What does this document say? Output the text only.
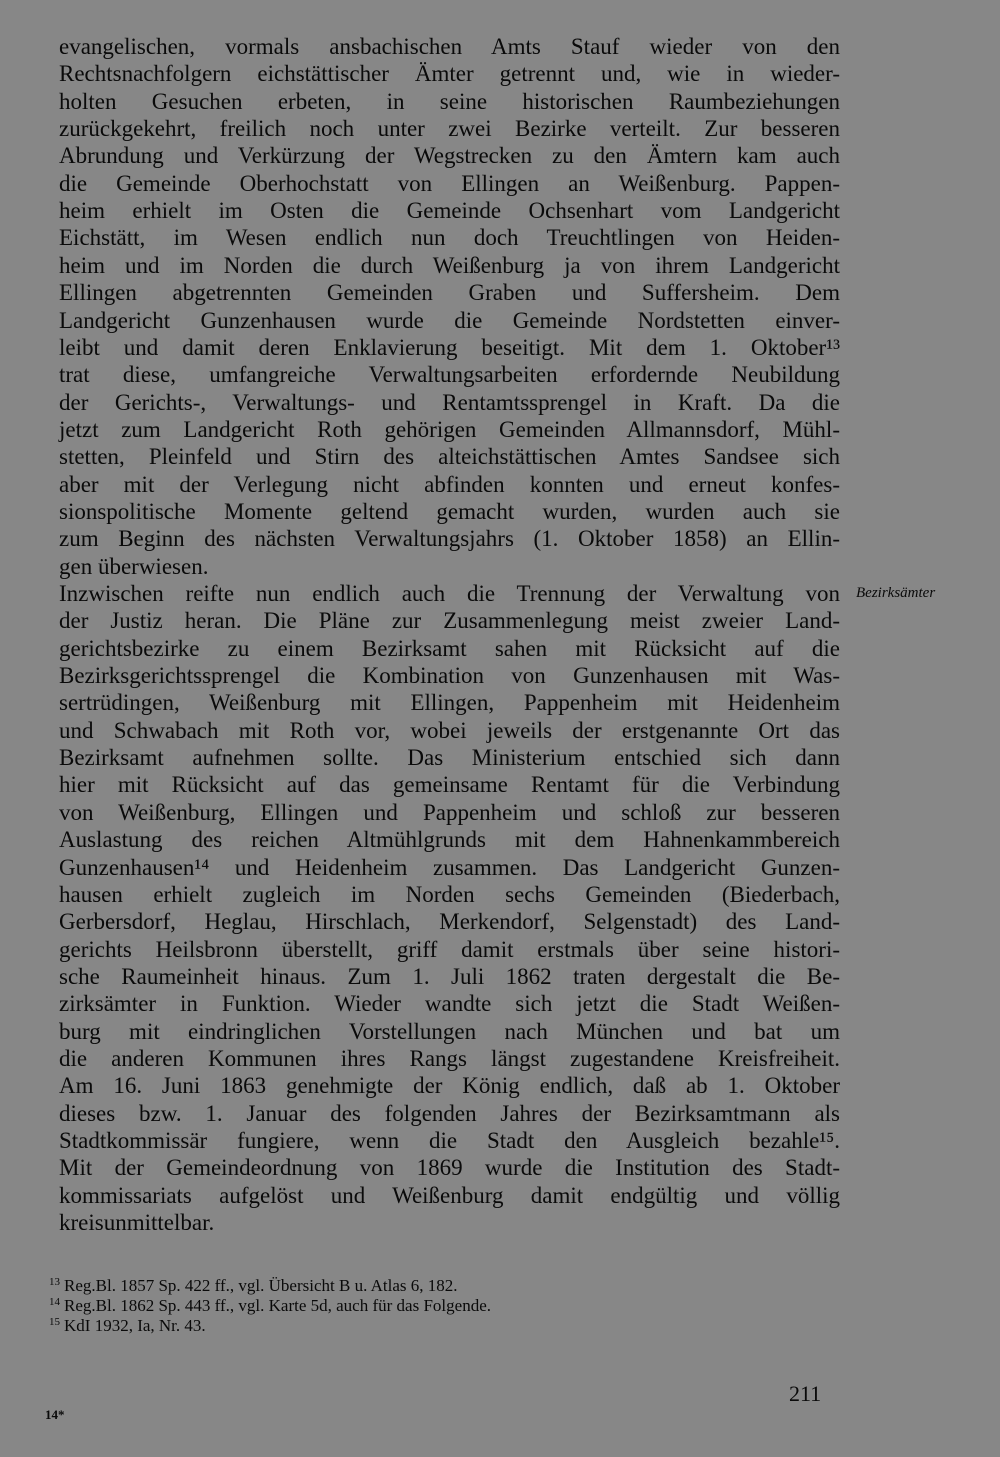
evangelischen, vormals ansbachischen Amts Stauf wieder von den
Rechtsnachfolgern eichstättischer Ämter getrennt und, wie in wieder-
holten Gesuchen erbeten, in seine historischen Raumbeziehungen
zurückgekehrt, freilich noch unter zwei Bezirke verteilt. Zur besseren
Abrundung und Verkürzung der Wegstrecken zu den Ämtern kam auch
die Gemeinde Oberhochstatt von Ellingen an Weißenburg. Pappen-
heim erhielt im Osten die Gemeinde Ochsenhart vom Landgericht
Eichstätt, im Wesen endlich nun doch Treuchtlingen von Heiden-
heim und im Norden die durch Weißenburg ja von ihrem Landgericht
Ellingen abgetrennten Gemeinden Graben und Suffersheim. Dem
Landgericht Gunzenhausen wurde die Gemeinde Nordstetten einver-
leibt und damit deren Enklavierung beseitigt. Mit dem 1. Oktober¹³
trat diese, umfangreiche Verwaltungsarbeiten erfordernde Neubildung
der Gerichts-, Verwaltungs- und Rentamtssprengel in Kraft. Da die
jetzt zum Landgericht Roth gehörigen Gemeinden Allmannsdorf, Mühl-
stetten, Pleinfeld und Stirn des alteichstättischen Amtes Sandsee sich
aber mit der Verlegung nicht abfinden konnten und erneut konfes-
sionspolitische Momente geltend gemacht wurden, wurden auch sie
zum Beginn des nächsten Verwaltungsjahrs (1. Oktober 1858) an Ellin-
gen überwiesen.
Inzwischen reifte nun endlich auch die Trennung der Verwaltung von
der Justiz heran. Die Pläne zur Zusammenlegung meist zweier Land-
gerichtsbezirke zu einem Bezirksamt sahen mit Rücksicht auf die
Bezirksgerichtssprengel die Kombination von Gunzenhausen mit Was-
sertrüdingen, Weißenburg mit Ellingen, Pappenheim mit Heidenheim
und Schwabach mit Roth vor, wobei jeweils der erstgenannte Ort das
Bezirksamt aufnehmen sollte. Das Ministerium entschied sich dann
hier mit Rücksicht auf das gemeinsame Rentamt für die Verbindung
von Weißenburg, Ellingen und Pappenheim und schloß zur besseren
Auslastung des reichen Altmühlgrunds mit dem Hahnenkammbereich
Gunzenhausen¹⁴ und Heidenheim zusammen. Das Landgericht Gunzen-
hausen erhielt zugleich im Norden sechs Gemeinden (Biederbach,
Gerbersdorf, Heglau, Hirschlach, Merkendorf, Selgenstadt) des Land-
gerichts Heilsbronn überstellt, griff damit erstmals über seine histori-
sche Raumeinheit hinaus. Zum 1. Juli 1862 traten dergestalt die Be-
zirksämter in Funktion. Wieder wandte sich jetzt die Stadt Weißen-
burg mit eindringlichen Vorstellungen nach München und bat um
die anderen Kommunen ihres Rangs längst zugestandene Kreisfreiheit.
Am 16. Juni 1863 genehmigte der König endlich, daß ab 1. Oktober
dieses bzw. 1. Januar des folgenden Jahres der Bezirksamtmann als
Stadtkommissär fungiere, wenn die Stadt den Ausgleich bezahle¹⁵.
Mit der Gemeindeordnung von 1869 wurde die Institution des Stadt-
kommissariats aufgelöst und Weißenburg damit endgültig und völlig
kreisunmittelbar.
Bezirksämter
$^{13}$ Reg.Bl. 1857 Sp. 422 ff., vgl. Übersicht B u. Atlas 6, 182.
$^{14}$ Reg.Bl. 1862 Sp. 443 ff., vgl. Karte 5d, auch für das Folgende.
$^{15}$ KdI 1932, Ia, Nr. 43.
211
14*
